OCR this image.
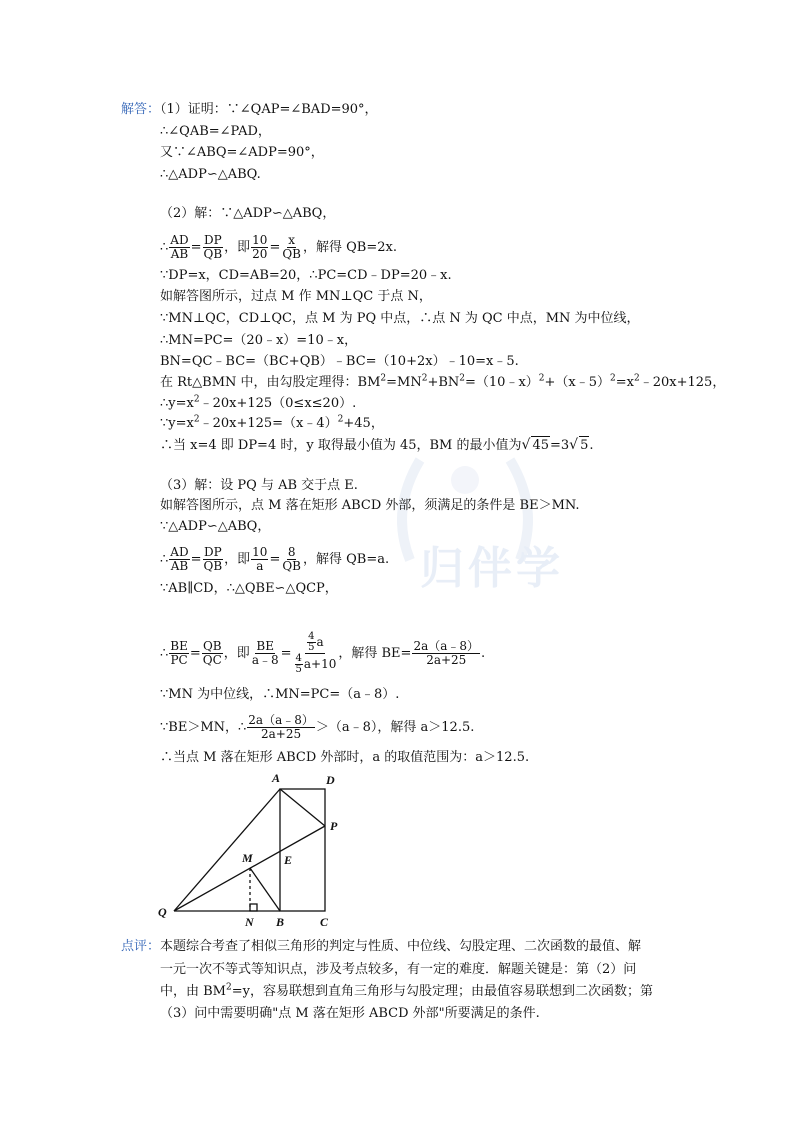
归伴学
解答：（1）证明：∵∠QAP=∠BAD=90°，
∴∠QAB=∠PAD，
又∵∠ABQ=∠ADP=90°，
∴△ADP∽△ABQ.
（2）解：∵△ADP∽△ABQ，
∴ $\frac{AD}{AB} = \frac{DP}{QB}$ ，即 $\frac{10}{20} = \frac{x}{QB}$ ，解得 QB=2x.
∵DP=x，CD=AB=20，∴PC=CD﹣DP=20﹣x.
如解答图所示，过点 M 作 MN⊥QC 于点 N，
∵MN⊥QC，CD⊥QC，点 M 为 PQ 中点，∴点 N 为 QC 中点，MN 为中位线，
∴MN=PC=（20﹣x）=10﹣x，
BN=QC﹣BC=（BC+QB）﹣BC=（10+2x）﹣10=x﹣5.
在 Rt△BMN 中，由勾股定理得：$BM^2=MN^2+BN^2=(10﹣x)^2+(x﹣5)^2=x^2﹣20x+125$，
$\therefore y=x^2﹣20x+125(0\le x\le 20)$.
$\because y=x^2﹣20x+125=(x﹣4)^2+45$，
∴当 x=4 即 DP=4 时，y 取得最小值为 45，BM 的最小值为√ 45=3√ 5.
（3）解：设 PQ 与 AB 交于点 E.
如解答图所示，点 M 落在矩形 ABCD 外部，须满足的条件是 BE＞MN.
∵△ADP∽△ABQ，
∴ $\frac{AD}{AB} = \frac{DP}{QB}$ ，即 $\frac{10}{a} = \frac{8}{QB}$ ，解得 QB=a.
∵AB∥CD，∴△QBE∽△QCP，
∴ $\frac{BE}{PC} = \frac{QB}{QC}$ ，即 $\frac{BE}{a﹣8} = \frac{\frac{4}{5} a}{\frac{4}{5} a+10}$ ，解得 $BE= \frac{2a(a﹣8)}{2a+25}$ .
∵MN 为中位线，∴MN=PC=（a﹣8）.
∵BE＞MN，∴ $\frac{2a(a﹣8)}{2a+25}$ ＞（a﹣8），解得 a＞12.5.
∴当点 M 落在矩形 ABCD 外部时，a 的取值范围为：a＞12.5.
A	D
P
M	E
Q
N B	C
点评：本题综合考查了相似三角形的判定与性质、中位线、勾股定理、二次函数的最值、解
一元一次不等式等知识点，涉及考点较多，有一定的难度．解题关键是：第（2）问
中，由 $BM^2=y$，容易联想到直角三角形与勾股定理；由最值容易联想到二次函数；第
（3）问中需要明确"点 M 落在矩形 ABCD 外部"所要满足的条件.
